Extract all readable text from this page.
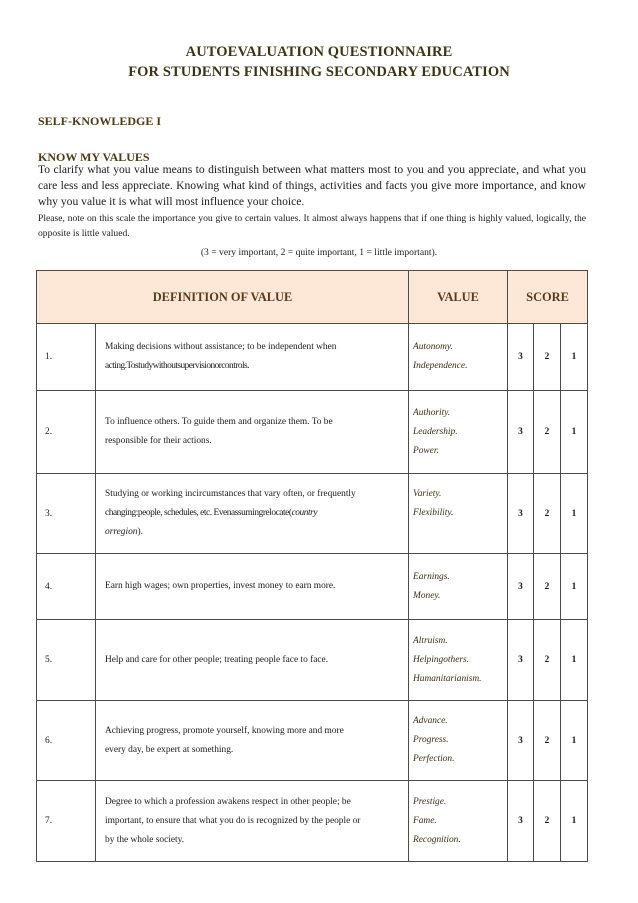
AUTOEVALUATION QUESTIONNAIRE
FOR STUDENTS FINISHING SECONDARY EDUCATION
SELF-KNOWLEDGE I
KNOW MY VALUES
To clarify what you value means to distinguish between what matters most to you and you appreciate, and what you care less and less appreciate. Knowing what kind of things, activities and facts you give more importance, and know why you value it is what will most influence your choice.
Please, note on this scale the importance you give to certain values. It almost always happens that if one thing is highly valued, logically, the opposite is little valued.
(3 = very important, 2 = quite important, 1 = little important).
DEFINITION OF VALUE		VALUE	SCORE		
1.	Making decisions without assistance; to be independent when
acting.Tostudywithoutsupervisionorcontrols.	Autonomy.
Independence.	3	2	1
2.	To influence others. To guide them and organize them. To be
responsible for their actions.	Authority.
Leadership.
Power.	3	2	1
3.	Studying or working incircumstances that vary often, or frequently
changing:people, schedules, etc. Evenassumingrelocate(country
orregion).	Variety.
Flexibility.	3	2	1
4.	Earn high wages; own properties, invest money to earn more.	Earnings.
Money.	3	2	1
5.	Help and care for other people; treating people face to face.	Altruism.
Helpingothers.
Humanitarianism.	3	2	1
6.	Achieving progress, promote yourself, knowing more and more
every day, be expert at something.	Advance.
Progress.
Perfection.	3	2	1
7.	Degree to which a profession awakens respect in other people; be
important, to ensure that what you do is recognized by the people or
by the whole society.	Prestige.
Fame.
Recognition.	3	2	1
